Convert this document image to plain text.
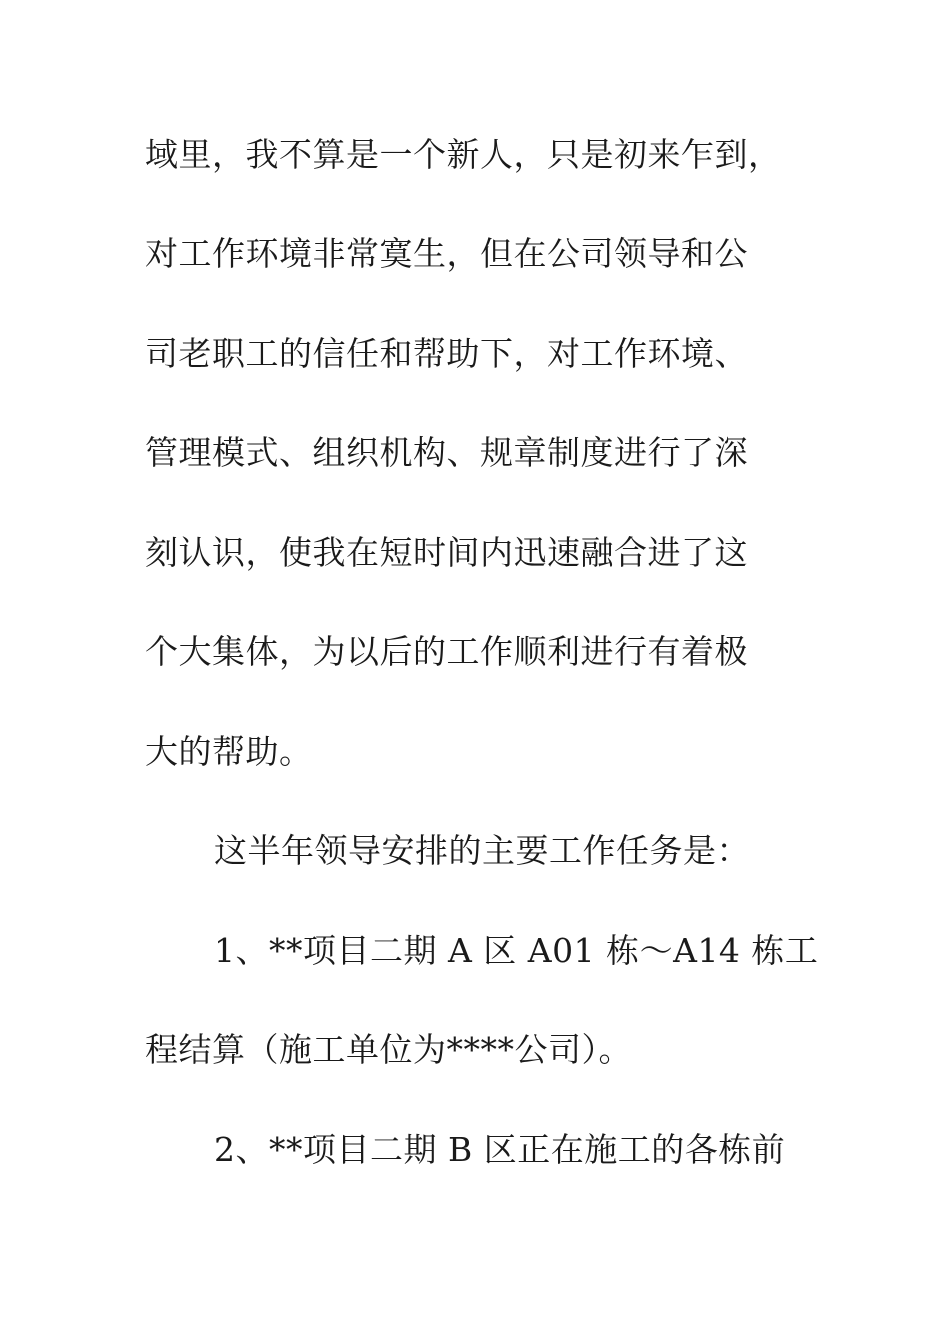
域里，我不算是一个新人，只是初来乍到，
对工作环境非常寞生，但在公司领导和公
司老职工的信任和帮助下，对工作环境、
管理模式、组织机构、规章制度进行了深
刻认识，使我在短时间内迅速融合进了这
个大集体，为以后的工作顺利进行有着极
大的帮助。
这半年领导安排的主要工作任务是：
1、**项目二期 A 区 A01 栋～A14 栋工
程结算（施工单位为****公司）。
2、**项目二期 B 区正在施工的各栋前
